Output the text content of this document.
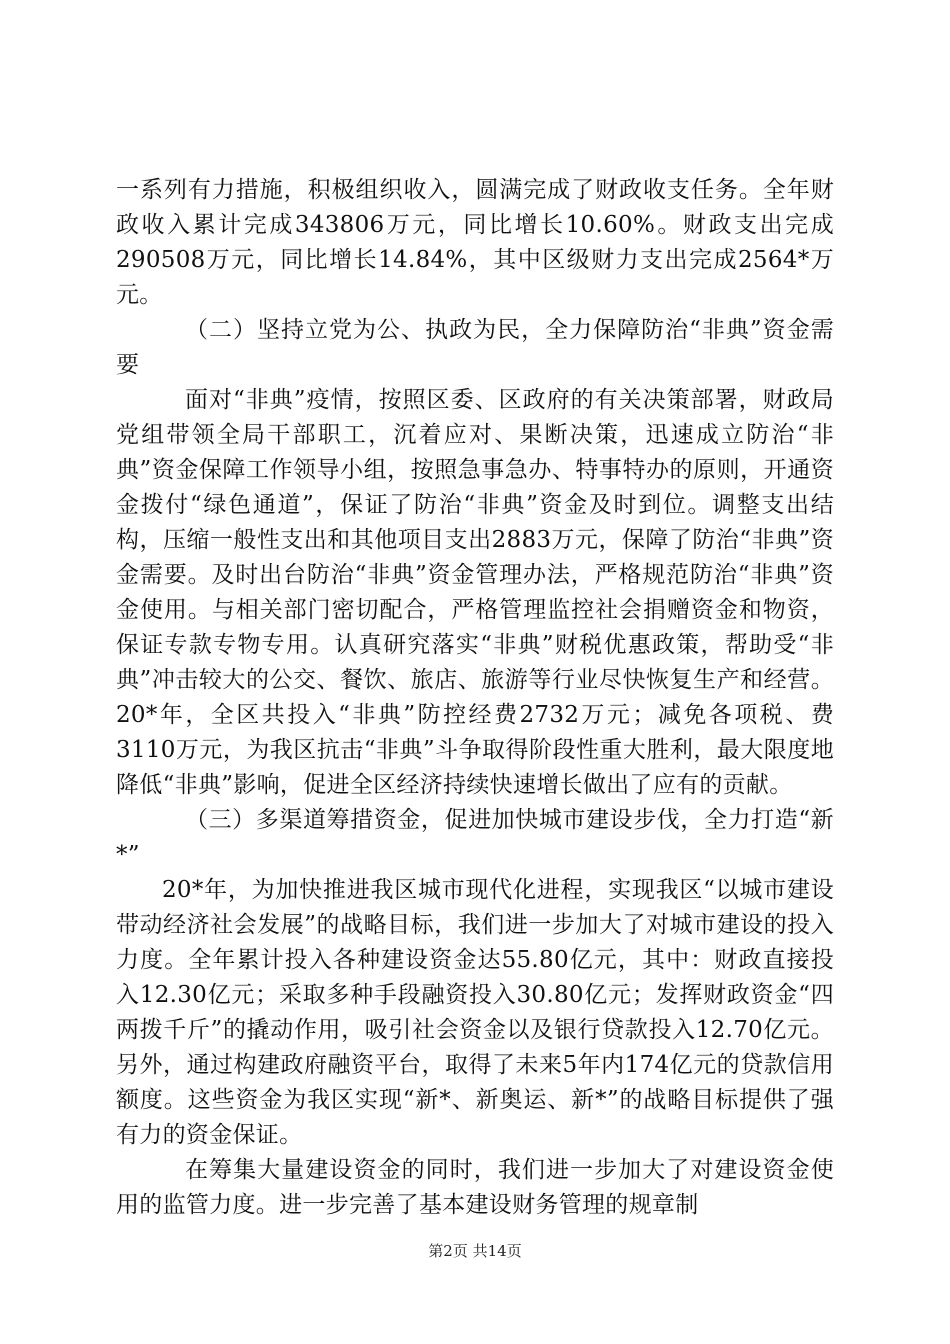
一系列有力措施，积极组织收入，圆满完成了财政收支任务。全年财政收入累计完成343806万元，同比增长10.60%。财政支出完成290508万元，同比增长14.84%，其中区级财力支出完成2564*万元。

（二）坚持立党为公、执政为民，全力保障防治“非典”资金需要

面对“非典”疫情，按照区委、区政府的有关决策部署，财政局党组带领全局干部职工，沉着应对、果断决策，迅速成立防治“非典”资金保障工作领导小组，按照急事急办、特事特办的原则，开通资金拨付“绿色通道”，保证了防治“非典”资金及时到位。调整支出结构，压缩一般性支出和其他项目支出2883万元，保障了防治“非典”资金需要。及时出台防治“非典”资金管理办法，严格规范防治“非典”资金使用。与相关部门密切配合，严格管理监控社会捐赠资金和物资，保证专款专物专用。认真研究落实“非典”财税优惠政策，帮助受“非典”冲击较大的公交、餐饮、旅店、旅游等行业尽快恢复生产和经营。20*年，全区共投入“非典”防控经费2732万元；减免各项税、费3110万元，为我区抗击“非典”斗争取得阶段性重大胜利，最大限度地降低“非典”影响，促进全区经济持续快速增长做出了应有的贡献。

（三）多渠道筹措资金，促进加快城市建设步伐，全力打造“新*”

20*年，为加快推进我区城市现代化进程，实现我区“以城市建设带动经济社会发展”的战略目标，我们进一步加大了对城市建设的投入力度。全年累计投入各种建设资金达55.80亿元，其中：财政直接投入12.30亿元；采取多种手段融资投入30.80亿元；发挥财政资金“四两拨千斤”的撬动作用，吸引社会资金以及银行贷款投入12.70亿元。另外，通过构建政府融资平台，取得了未来5年内174亿元的贷款信用额度。这些资金为我区实现“新*、新奥运、新*”的战略目标提供了强有力的资金保证。

在筹集大量建设资金的同时，我们进一步加大了对建设资金使用的监管力度。进一步完善了基本建设财务管理的规章制

第2页 共14页
